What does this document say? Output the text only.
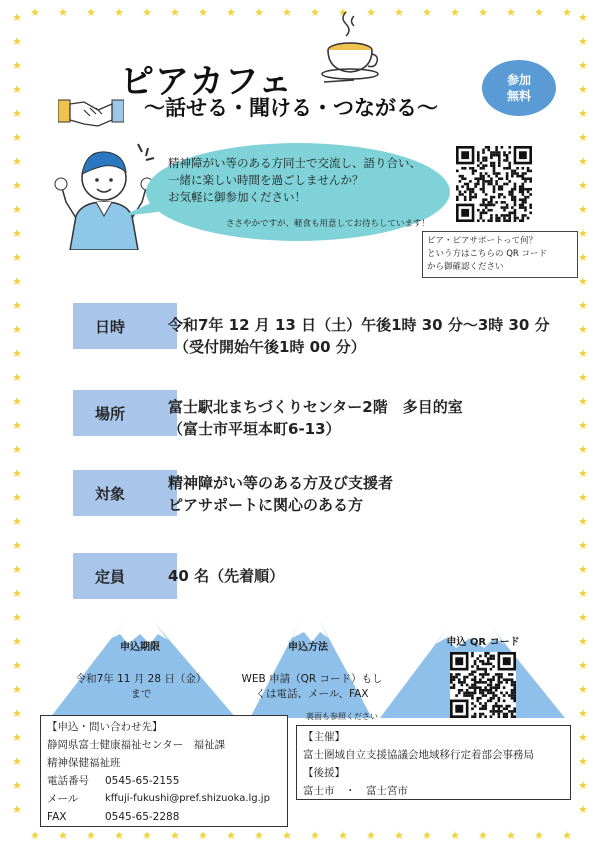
★	★
★	★
★	★
★	★
★	★
★	★
★	★
★	★
★	★
★	★
★	★
★	★
★	★
★	★
★	★
★	★
★	★
★	★
★	★
★	★
★	★
★	★
★	★
★	★
★	★
★	★
★	★
★	★
★	★
★	★
★	★
★	★
★	★
★	★
★
★
★
★
★
★
★
★
★
★
★
★
★
★
★
★
★
★
★
★
★
★
★
★
★
★
★
★
★
★
★
★
★
★
★
★
★
★
★
★
ピアカフェ
～話せる・聞ける・つながる～
参加
無料
精神障がい等のある方同士で交流し、語り合い、
一緒に楽しい時間を過ごしませんか？
お気軽に御参加ください！
ささやかですが、軽食も用意してお待ちしています！
ピア・ピアサポートって何？
という方はこちらの QR コード
から御確認ください
日時	令和7年 12 月 13 日（土）午後1時 30 分～3時 30 分
（受付開始午後1時 00 分）
場所	富士駅北まちづくりセンター2階　多目的室
（富士市平垣本町6-13）
対象
精神障がい等のある方及び支援者
ピアサポートに関心のある方
定員	40 名（先着順）
申込期限
令和7年 11 月 28 日（金）
まで
申込方法
WEB 申請（QR コード）もし
くは電話、メール、FAX
裏面も参照ください
申込 QR コード
【申込・問い合わせ先】
静岡県富士健康福祉センター　福祉課
精神保健福祉班
電話番号	0545-65-2155
メール	kffuji-fukushi@pref.shizuoka.lg.jp
FAX	0545-65-2288
【主催】
富士圏域自立支援協議会地域移行定着部会事務局
【後援】
富士市　・　富士宮市
